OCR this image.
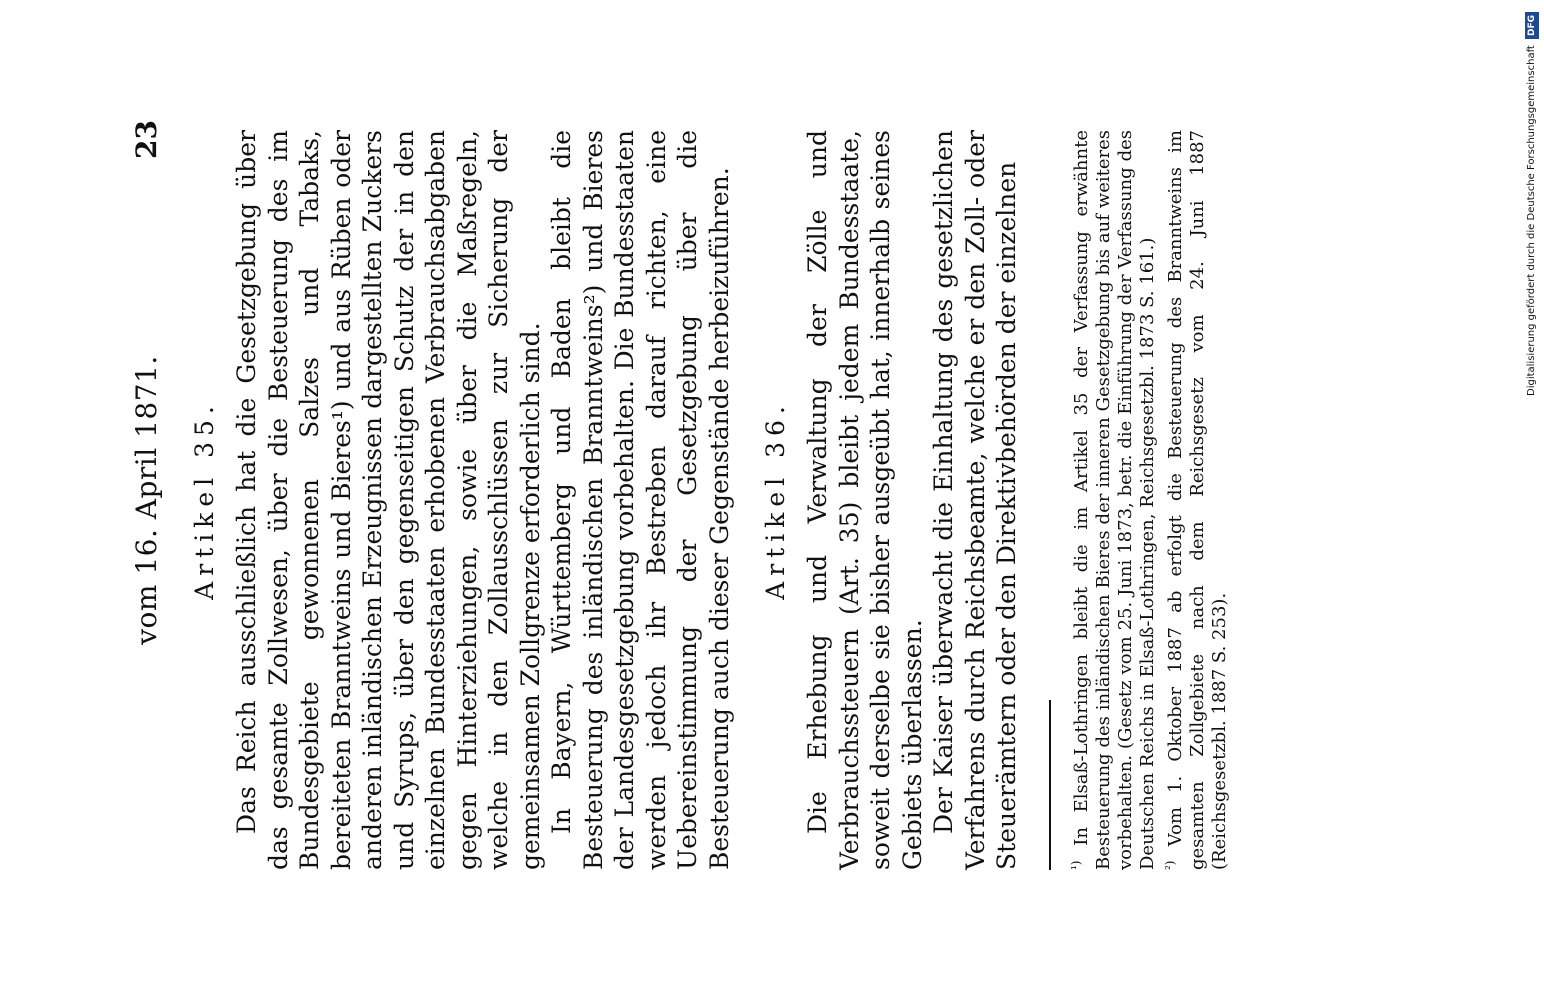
vom 16. April 1871.
23
Artikel 35. Das Reich ausschließlich hat die Gesetzgebung über das gesamte Zollwesen, über die Besteuerung des im Bundesgebiete gewonnenen Salzes und Tabaks, bereiteten Branntweins und Bieres¹) und aus Rüben oder anderen inländischen Erzeugnissen dargestellten Zuckers und Syrups, über den gegenseitigen Schutz der in den einzelnen Bundesstaaten erhobenen Verbrauchsabgaben gegen Hinterziehungen, sowie über die Maßregeln, welche in den Zollausschlüssen zur Sicherung der gemeinsamen Zollgrenze erforderlich sind. In Bayern, Württemberg und Baden bleibt die Besteuerung des inländischen Branntweins²) und Bieres der Landesgesetzgebung vorbehalten. Die Bundesstaaten werden jedoch ihr Bestreben darauf richten, eine Uebereinstimmung der Gesetzgebung über die Besteuerung auch dieser Gegenstände herbeizuführen. Artikel 36. Die Erhebung und Verwaltung der Zölle und Verbrauchssteuern (Art. 35) bleibt jedem Bundesstaate, soweit derselbe sie bisher ausgeübt hat, innerhalb seines Gebiets überlassen. Der Kaiser überwacht die Einhaltung des gesetzlichen Verfahrens durch Reichsbeamte, welche er den Zoll- oder Steuerämtern oder den Direktivbehörden der einzelnen	$^{^1)}$ In Elsaß-Lothringen bleibt die im Artikel 35 der Verfassung erwähnte Besteuerung des inländischen Bieres der inneren Gesetzgebung bis auf weiteres vorbehalten. (Gesetz vom 25. Juni 1873, betr. die Einführung der Verfassung des Deutschen Reichs in Elsaß-Lothringen, Reichsgesetzbl. 1873 S. 161.) $^{^2)}$ Vom 1. Oktober 1887 ab erfolgt die Besteuerung des Branntweins im gesamten Zollgebiete nach dem Reichsgesetz vom 24. Juni 1887 (Reichsgesetzbl. 1887 S. 253).

Digitalisierung gefördert durch die Deutsche Forschungsgemeinschaft DFG
